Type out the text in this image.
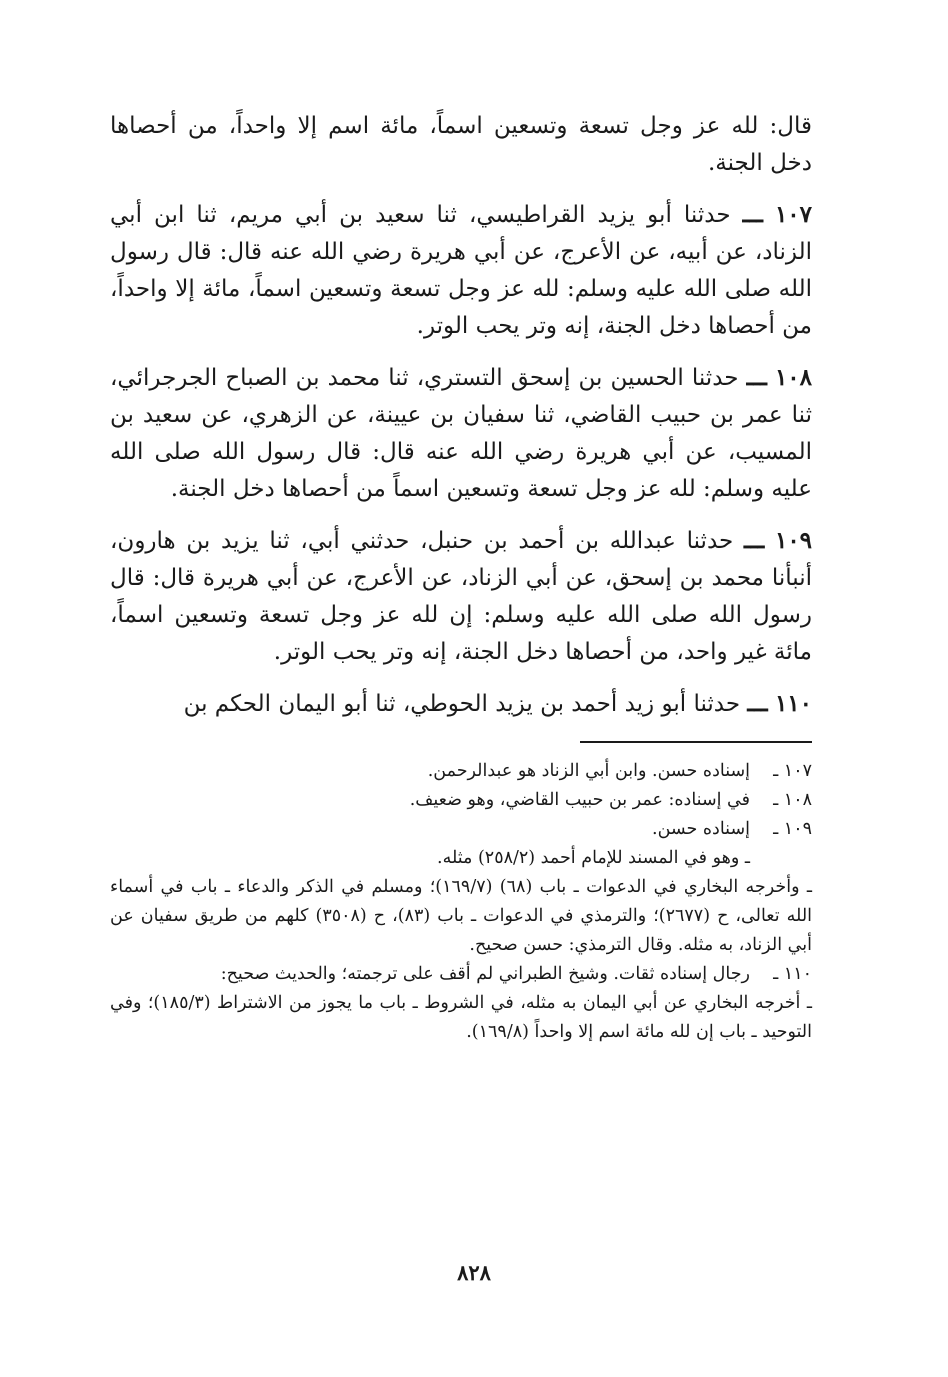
قال: لله عز وجل تسعة وتسعين اسماً، مائة اسم إلا واحداً، من أحصاها دخل الجنة.

١٠٧ ـــ حدثنا أبو يزيد القراطيسي، ثنا سعيد بن أبي مريم، ثنا ابن أبي الزناد، عن أبيه، عن الأعرج، عن أبي هريرة رضي الله عنه قال: قال رسول الله صلى الله عليه وسلم: لله عز وجل تسعة وتسعين اسماً، مائة إلا واحداً، من أحصاها دخل الجنة، إنه وتر يحب الوتر.

١٠٨ ـــ حدثنا الحسين بن إسحق التستري، ثنا محمد بن الصباح الجرجرائي، ثنا عمر بن حبيب القاضي، ثنا سفيان بن عيينة، عن الزهري، عن سعيد بن المسيب، عن أبي هريرة رضي الله عنه قال: قال رسول الله صلى الله عليه وسلم: لله عز وجل تسعة وتسعين اسماً من أحصاها دخل الجنة.

١٠٩ ـــ حدثنا عبدالله بن أحمد بن حنبل، حدثني أبي، ثنا يزيد بن هارون، أنبأنا محمد بن إسحق، عن أبي الزناد، عن الأعرج، عن أبي هريرة قال: قال رسول الله صلى الله عليه وسلم: إن لله عز وجل تسعة وتسعين اسماً، مائة غير واحد، من أحصاها دخل الجنة، إنه وتر يحب الوتر.

١١٠ ـــ حدثنا أبو زيد أحمد بن يزيد الحوطي، ثنا أبو اليمان الحكم بن

١٠٧ ـإسناده حسن. وابن أبي الزناد هو عبدالرحمن.

١٠٨ ـفي إسناده: عمر بن حبيب القاضي، وهو ضعيف.

١٠٩ ـإسناده حسن.

ـ وهو في المسند للإمام أحمد (٢٥٨/٢) مثله.

ـ وأخرجه البخاري في الدعوات ـ باب (٦٨) (١٦٩/٧)؛ ومسلم في الذكر والدعاء ـ باب في أسماء الله تعالى، ح (٢٦٧٧)؛ والترمذي في الدعوات ـ باب (٨٣)، ح (٣٥٠٨) كلهم من طريق سفيان عن أبي الزناد، به مثله. وقال الترمذي: حسن صحيح.

١١٠ ـرجال إسناده ثقات. وشيخ الطبراني لم أقف على ترجمته؛ والحديث صحيح:

ـ أخرجه البخاري عن أبي اليمان به مثله، في الشروط ـ باب ما يجوز من الاشتراط (١٨٥/٣)؛ وفي التوحيد ـ باب إن لله مائة اسم إلا واحداً (١٦٩/٨).

٨٢٨
